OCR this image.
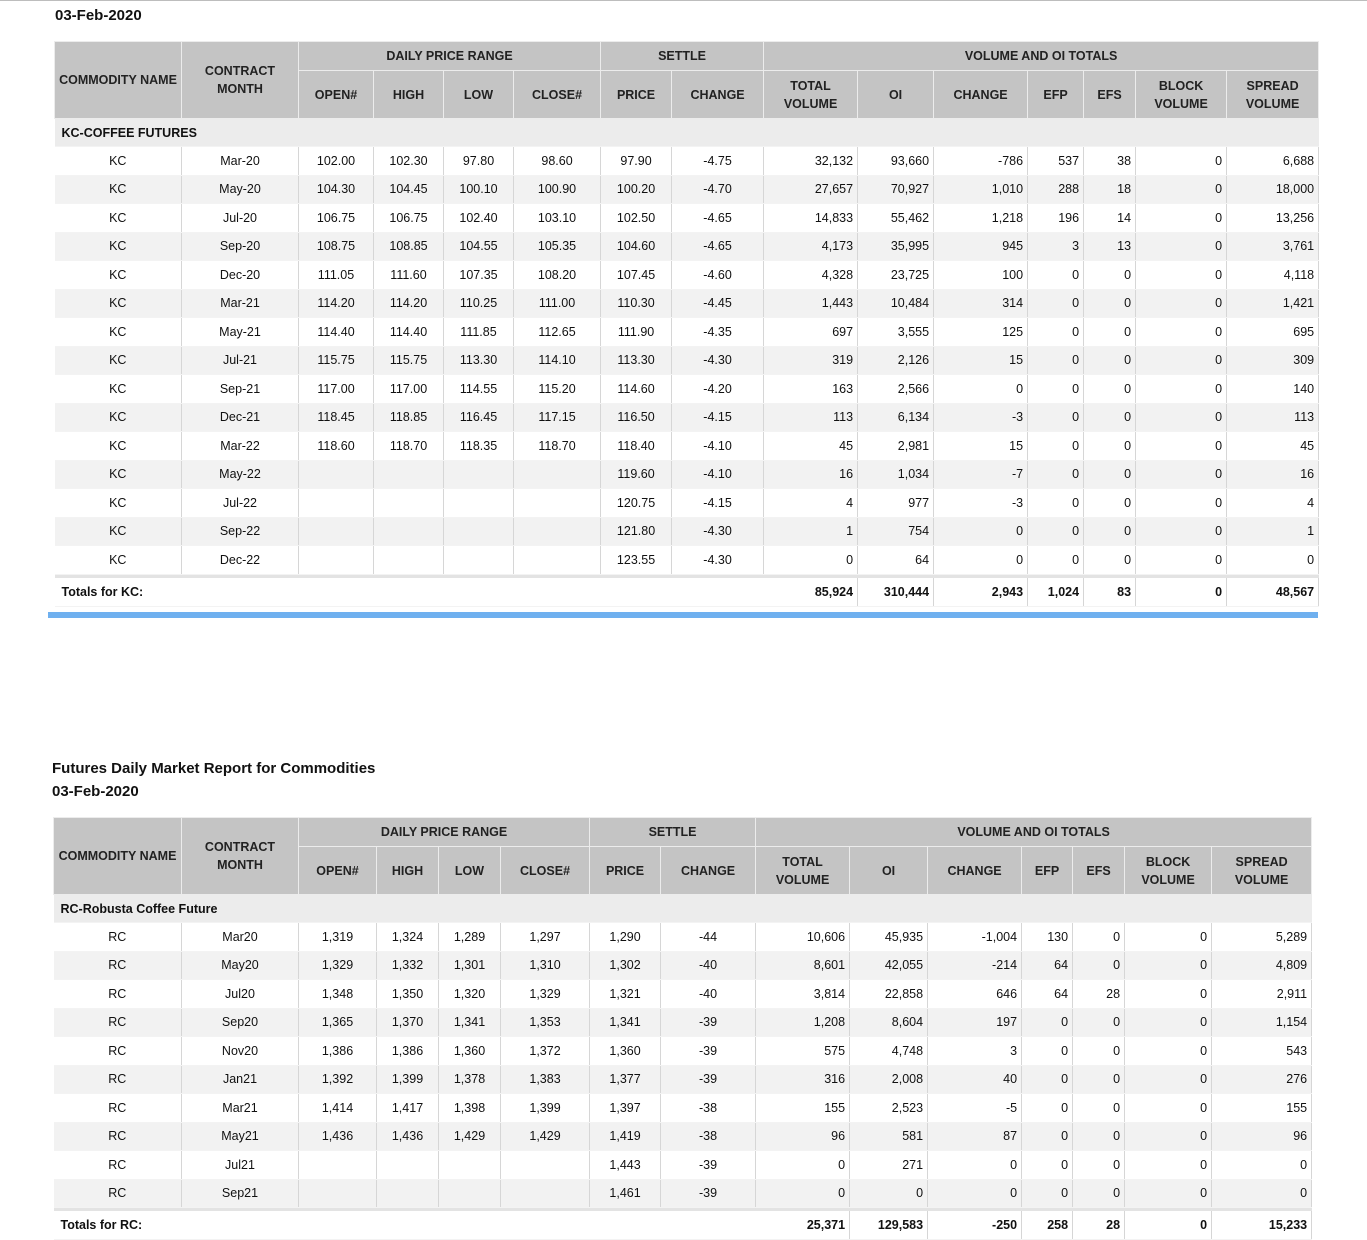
03-Feb-2020
COMMODITY NAME	CONTRACT MONTH	DAILY PRICE RANGE				SETTLE		VOLUME AND OI TOTALS						
		OPEN#	HIGH	LOW	CLOSE#	PRICE	CHANGE	TOTAL VOLUME	OI	CHANGE	EFP	EFS	BLOCK VOLUME	SPREAD VOLUME
KC-COFFEE FUTURES														
KC	Mar-20	102.00	102.30	97.80	98.60	97.90	-4.75	32,132	93,660	-786	537	38	0	6,688
KC	May-20	104.30	104.45	100.10	100.90	100.20	-4.70	27,657	70,927	1,010	288	18	0	18,000
KC	Jul-20	106.75	106.75	102.40	103.10	102.50	-4.65	14,833	55,462	1,218	196	14	0	13,256
KC	Sep-20	108.75	108.85	104.55	105.35	104.60	-4.65	4,173	35,995	945	3	13	0	3,761
KC	Dec-20	111.05	111.60	107.35	108.20	107.45	-4.60	4,328	23,725	100	0	0	0	4,118
KC	Mar-21	114.20	114.20	110.25	111.00	110.30	-4.45	1,443	10,484	314	0	0	0	1,421
KC	May-21	114.40	114.40	111.85	112.65	111.90	-4.35	697	3,555	125	0	0	0	695
KC	Jul-21	115.75	115.75	113.30	114.10	113.30	-4.30	319	2,126	15	0	0	0	309
KC	Sep-21	117.00	117.00	114.55	115.20	114.60	-4.20	163	2,566	0	0	0	0	140
KC	Dec-21	118.45	118.85	116.45	117.15	116.50	-4.15	113	6,134	-3	0	0	0	113
KC	Mar-22	118.60	118.70	118.35	118.70	118.40	-4.10	45	2,981	15	0	0	0	45
KC	May-22					119.60	-4.10	16	1,034	-7	0	0	0	16
KC	Jul-22					120.75	-4.15	4	977	-3	0	0	0	4
KC	Sep-22					121.80	-4.30	1	754	0	0	0	0	1
KC	Dec-22					123.55	-4.30	0	64	0	0	0	0	0

Totals for KC:								85,924	310,444	2,943	1,024	83	0	48,567
Futures Daily Market Report for Commodities
03-Feb-2020
COMMODITY NAME	CONTRACT MONTH	DAILY PRICE RANGE				SETTLE		VOLUME AND OI TOTALS						
		OPEN#	HIGH	LOW	CLOSE#	PRICE	CHANGE	TOTAL VOLUME	OI	CHANGE	EFP	EFS	BLOCK VOLUME	SPREAD VOLUME
RC-Robusta Coffee Future														
RC	Mar20	1,319	1,324	1,289	1,297	1,290	-44	10,606	45,935	-1,004	130	0	0	5,289
RC	May20	1,329	1,332	1,301	1,310	1,302	-40	8,601	42,055	-214	64	0	0	4,809
RC	Jul20	1,348	1,350	1,320	1,329	1,321	-40	3,814	22,858	646	64	28	0	2,911
RC	Sep20	1,365	1,370	1,341	1,353	1,341	-39	1,208	8,604	197	0	0	0	1,154
RC	Nov20	1,386	1,386	1,360	1,372	1,360	-39	575	4,748	3	0	0	0	543
RC	Jan21	1,392	1,399	1,378	1,383	1,377	-39	316	2,008	40	0	0	0	276
RC	Mar21	1,414	1,417	1,398	1,399	1,397	-38	155	2,523	-5	0	0	0	155
RC	May21	1,436	1,436	1,429	1,429	1,419	-38	96	581	87	0	0	0	96
RC	Jul21					1,443	-39	0	271	0	0	0	0	0
RC	Sep21					1,461	-39	0	0	0	0	0	0	0

Totals for RC:								25,371	129,583	-250	258	28	0	15,233
